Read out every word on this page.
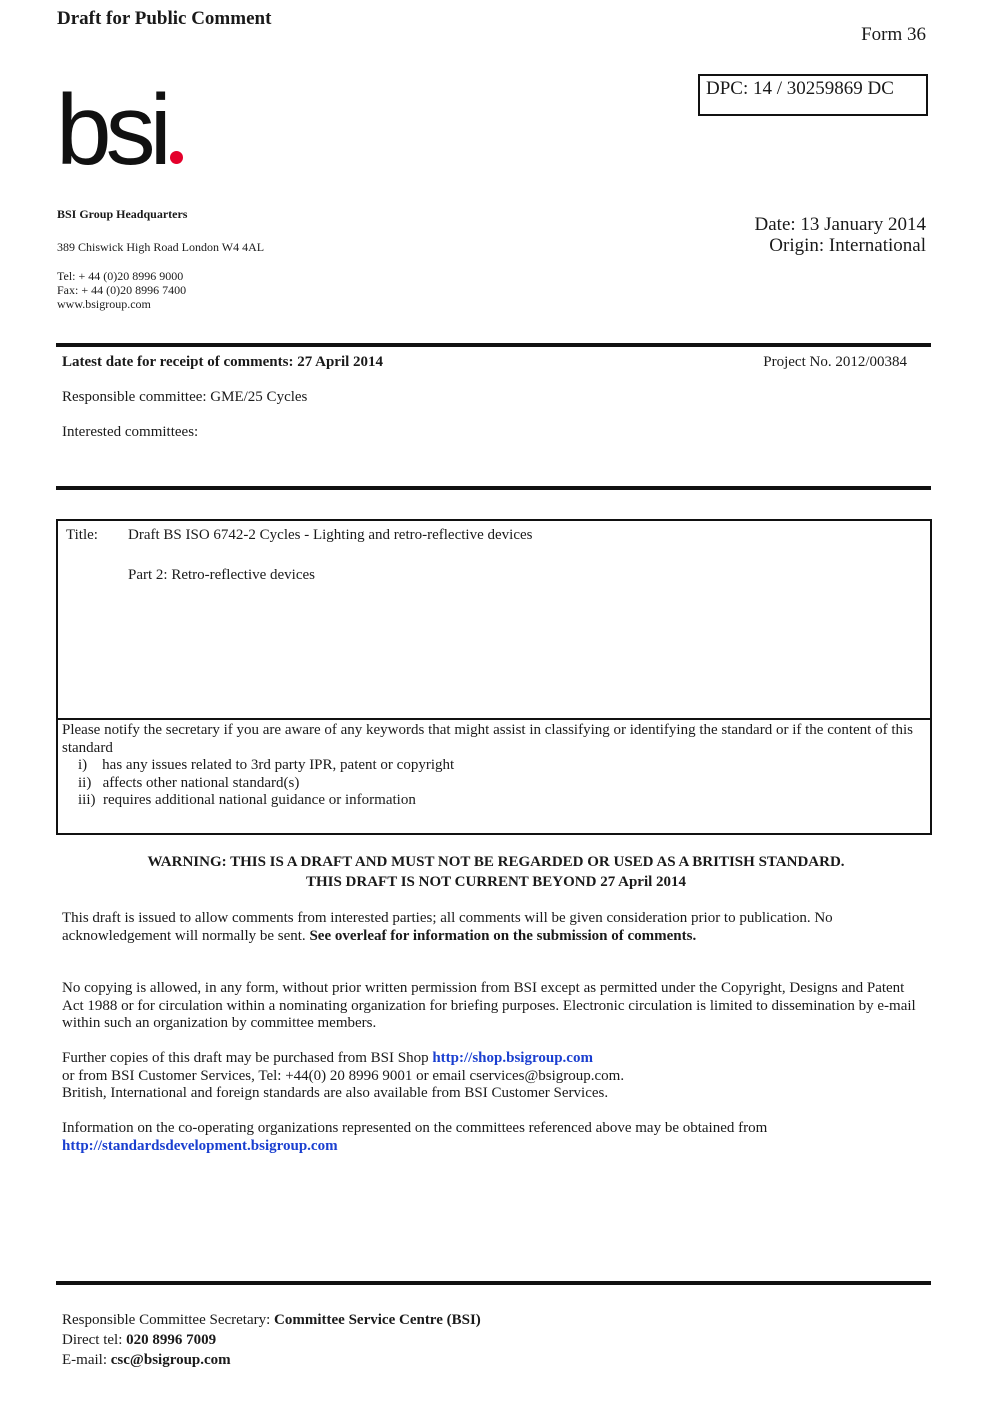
Draft for Public Comment
Form 36
DPC: 14 / 30259869 DC
bsi
BSI Group Headquarters
389 Chiswick High Road London W4 4AL
Tel: + 44 (0)20 8996 9000
Fax: + 44 (0)20 8996 7400
www.bsigroup.com
Date: 13 January 2014
Origin: International
Latest date for receipt of comments: 27 April 2014	Project No. 2012/00384
Responsible committee: GME/25 Cycles
Interested committees:
Title: Draft BS ISO 6742-2 Cycles - Lighting and retro-reflective devices
Part 2: Retro-reflective devices
Please notify the secretary if you are aware of any keywords that might assist in classifying or identifying the standard or if the content of this standard
i)    has any issues related to 3rd party IPR, patent or copyright
ii)   affects other national standard(s)
iii)  requires additional national guidance or information
WARNING: THIS IS A DRAFT AND MUST NOT BE REGARDED OR USED AS A BRITISH STANDARD.
THIS DRAFT IS NOT CURRENT BEYOND 27 April 2014
This draft is issued to allow comments from interested parties; all comments will be given consideration prior to publication. No acknowledgement will normally be sent. See overleaf for information on the submission of comments.
No copying is allowed, in any form, without prior written permission from BSI except as permitted under the Copyright, Designs and Patent Act 1988 or for circulation within a nominating organization for briefing purposes. Electronic circulation is limited to dissemination by e-mail within such an organization by committee members.
Further copies of this draft may be purchased from BSI Shop http://shop.bsigroup.com
or from BSI Customer Services, Tel: +44(0) 20 8996 9001 or email cservices@bsigroup.com.
British, International and foreign standards are also available from BSI Customer Services.
Information on the co-operating organizations represented on the committees referenced above may be obtained from http://standardsdevelopment.bsigroup.com
Responsible Committee Secretary: Committee Service Centre (BSI)
Direct tel: 020 8996 7009
E-mail: csc@bsigroup.com
